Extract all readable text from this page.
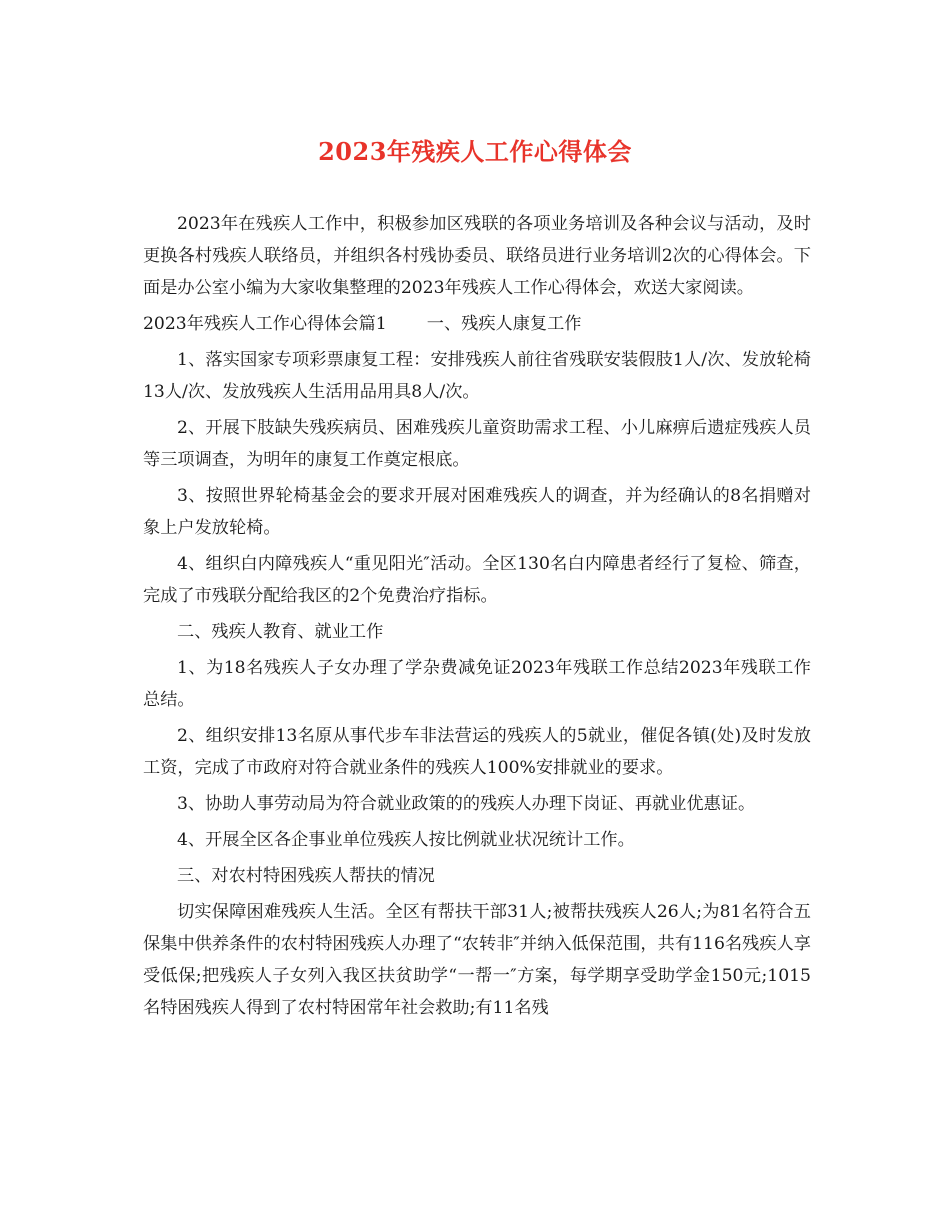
2023年残疾人工作心得体会

2023年在残疾人工作中，积极参加区残联的各项业务培训及各种会议与活动，及时更换各村残疾人联络员，并组织各村残协委员、联络员进行业务培训2次的心得体会。下面是办公室小编为大家收集整理的2023年残疾人工作心得体会，欢送大家阅读。

2023年残疾人工作心得体会篇1 一、残疾人康复工作

1、落实国家专项彩票康复工程：安排残疾人前往省残联安装假肢1人/次、发放轮椅13人/次、发放残疾人生活用品用具8人/次。

2、开展下肢缺失残疾病员、困难残疾儿童资助需求工程、小儿麻痹后遗症残疾人员等三项调查，为明年的康复工作奠定根底。

3、按照世界轮椅基金会的要求开展对困难残疾人的调查，并为经确认的8名捐赠对象上户发放轮椅。

4、组织白内障残疾人“重见阳光″活动。全区130名白内障患者经行了复检、筛查，完成了市残联分配给我区的2个免费治疗指标。

二、残疾人教育、就业工作

1、为18名残疾人子女办理了学杂费减免证2023年残联工作总结2023年残联工作总结。

2、组织安排13名原从事代步车非法营运的残疾人的5就业，催促各镇(处)及时发放工资，完成了市政府对符合就业条件的残疾人100%安排就业的要求。

3、协助人事劳动局为符合就业政策的的残疾人办理下岗证、再就业优惠证。

4、开展全区各企事业单位残疾人按比例就业状况统计工作。

三、对农村特困残疾人帮扶的情况

切实保障困难残疾人生活。全区有帮扶干部31人;被帮扶残疾人26人;为81名符合五保集中供养条件的农村特困残疾人办理了“农转非″并纳入低保范围，共有116名残疾人享受低保;把残疾人子女列入我区扶贫助学“一帮一″方案，每学期享受助学金150元;1015名特困残疾人得到了农村特困常年社会救助;有11名残
